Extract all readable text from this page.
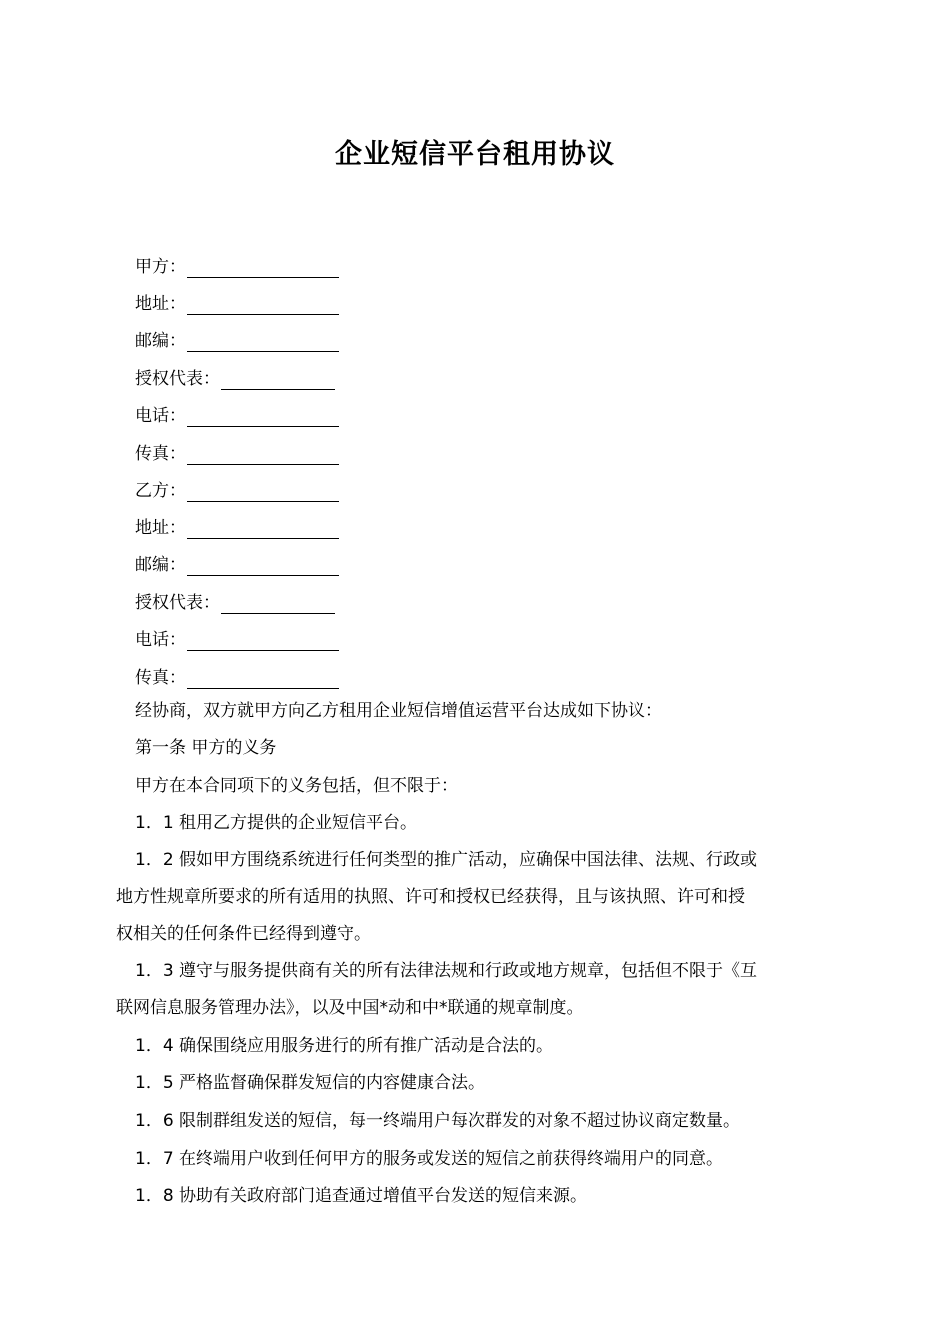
企业短信平台租用协议
甲方：
地址：
邮编：
授权代表：
电话：
传真：
乙方：
地址：
邮编：
授权代表：
电话：
传真：
经协商，双方就甲方向乙方租用企业短信增值运营平台达成如下协议：
第一条 甲方的义务
甲方在本合同项下的义务包括，但不限于：
1．1 租用乙方提供的企业短信平台。
1．2 假如甲方围绕系统进行任何类型的推广活动，应确保中国法律、法规、行政或
地方性规章所要求的所有适用的执照、许可和授权已经获得，且与该执照、许可和授
权相关的任何条件已经得到遵守。
1．3 遵守与服务提供商有关的所有法律法规和行政或地方规章，包括但不限于《互
联网信息服务管理办法》，以及中国*动和中*联通的规章制度。
1．4 确保围绕应用服务进行的所有推广活动是合法的。
1．5 严格监督确保群发短信的内容健康合法。
1．6 限制群组发送的短信，每一终端用户每次群发的对象不超过协议商定数量。
1．7 在终端用户收到任何甲方的服务或发送的短信之前获得终端用户的同意。
1．8 协助有关政府部门追查通过增值平台发送的短信来源。
